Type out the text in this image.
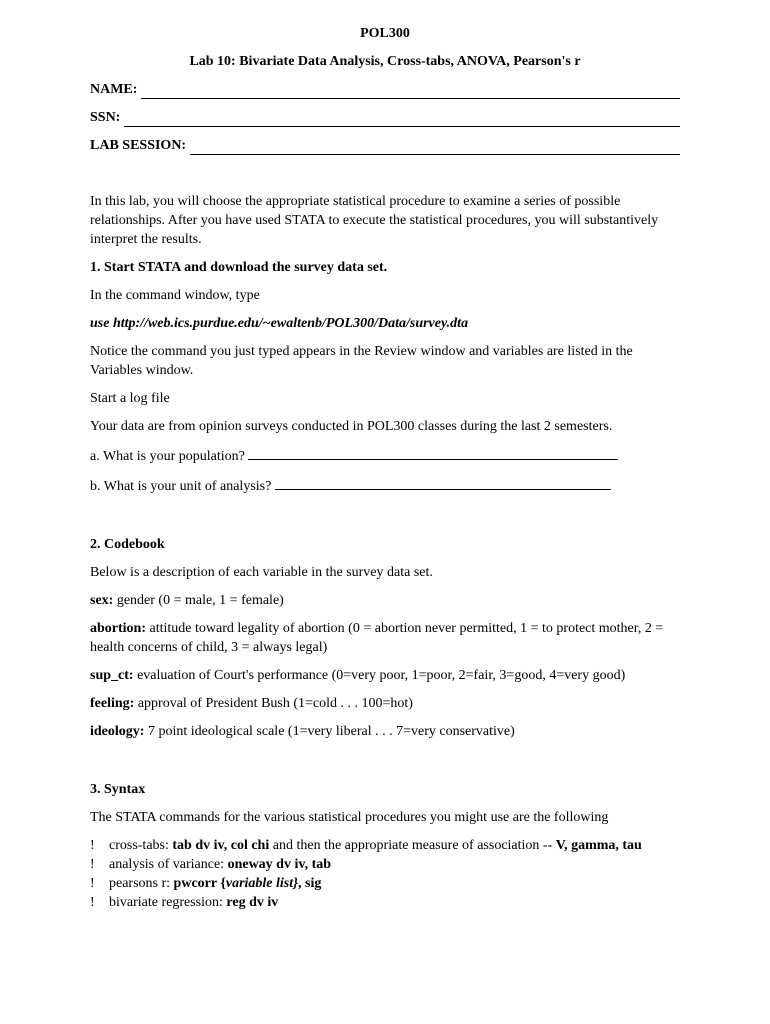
POL300
Lab 10: Bivariate Data Analysis, Cross-tabs, ANOVA, Pearson's r
NAME:
SSN:
LAB SESSION:

In this lab, you will choose the appropriate statistical procedure to examine a series of possible relationships. After you have used STATA to execute the statistical procedures, you will substantively interpret the results.

1. Start STATA and download the survey data set.

In the command window, type

use http://web.ics.purdue.edu/~ewaltenb/POL300/Data/survey.dta

Notice the command you just typed appears in the Review window and variables are listed in the Variables window.

Start a log file

Your data are from opinion surveys conducted in POL300 classes during the last 2 semesters.

a. What is your population?

b. What is your unit of analysis?

2. Codebook

Below is a description of each variable in the survey data set.

sex: gender (0 = male, 1 = female)

abortion: attitude toward legality of abortion (0 = abortion never permitted, 1 = to protect mother, 2 = health concerns of child, 3 = always legal)

sup_ct: evaluation of Court's performance (0=very poor, 1=poor, 2=fair, 3=good, 4=very good)

feeling: approval of President Bush (1=cold . . . 100=hot)

ideology: 7 point ideological scale (1=very liberal . . . 7=very conservative)

3. Syntax

The STATA commands for the various statistical procedures you might use are the following

!	cross-tabs: tab dv iv, col chi and then the appropriate measure of association -- V, gamma, tau
!	analysis of variance: oneway dv iv, tab
!	pearsons r: pwcorr {variable list}, sig
!	bivariate regression: reg dv iv
